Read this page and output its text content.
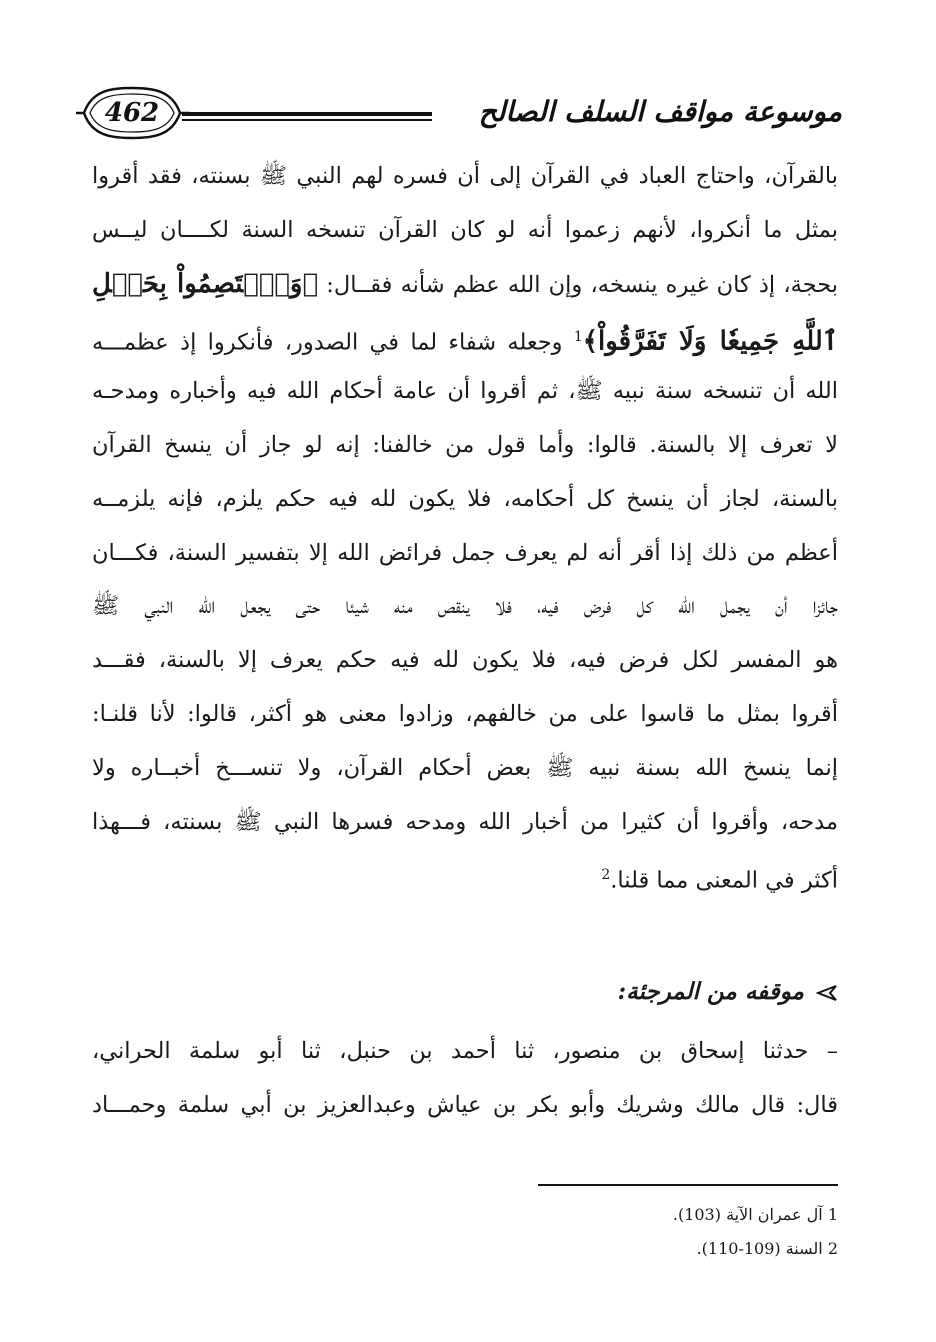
462	موسوعة مواقف السلف الصالح
بالقرآن، واحتاج العباد في القرآن إلى أن فسره لهم النبي ﷺ بسنته، فقد أقروا
بمثل ما أنكروا، لأنهم زعموا أنه لو كان القرآن تنسخه السنة لكــــان ليــس
بحجة، إذ كان غيره ينسخه، وإن الله عظم شأنه فقــال: ﴿وَٱعۡتَصِمُواْ بِحَبۡلِ
ٱللَّهِ جَمِيعٗا وَلَا تَفَرَّقُواْ﴾$^1$ وجعله شفاء لما في الصدور، فأنكروا إذ عظمـــه
الله أن تنسخه سنة نبيه ﷺ، ثم أقروا أن عامة أحكام الله فيه وأخباره ومدحـه
لا تعرف إلا بالسنة. قالوا: وأما قول من خالفنا: إنه لو جاز أن ينسخ القرآن
بالسنة، لجاز أن ينسخ كل أحكامه، فلا يكون لله فيه حكم يلزم، فإنه يلزمــه
أعظم من ذلك إذا أقر أنه لم يعرف جمل فرائض الله إلا بتفسير السنة، فكـــان
جائزا أن يجمل الله كل فرض فيه، فلا ينقص منه شيئا حتى يجعل الله النبي ﷺ
هو المفسر لكل فرض فيه، فلا يكون لله فيه حكم يعرف إلا بالسنة، فقـــد
أقروا بمثل ما قاسوا على من خالفهم، وزادوا معنى هو أكثر، قالوا: لأنا قلنـا:
إنما ينسخ الله بسنة نبيه ﷺ بعض أحكام القرآن، ولا تنســـخ أخبــاره ولا
مدحه، وأقروا أن كثيرا من أخبار الله ومدحه فسرها النبي ﷺ بسنته، فـــهذا
أكثر في المعنى مما قلنا.$^2$
موقفه من المرجئة:
– حدثنا إسحاق بن منصور، ثنا أحمد بن حنبل، ثنا أبو سلمة الحراني،
قال: قال مالك وشريك وأبو بكر بن عياش وعبدالعزيز بن أبي سلمة وحمـــاد
1 آل عمران الآية (103).
2 السنة (109-110).
